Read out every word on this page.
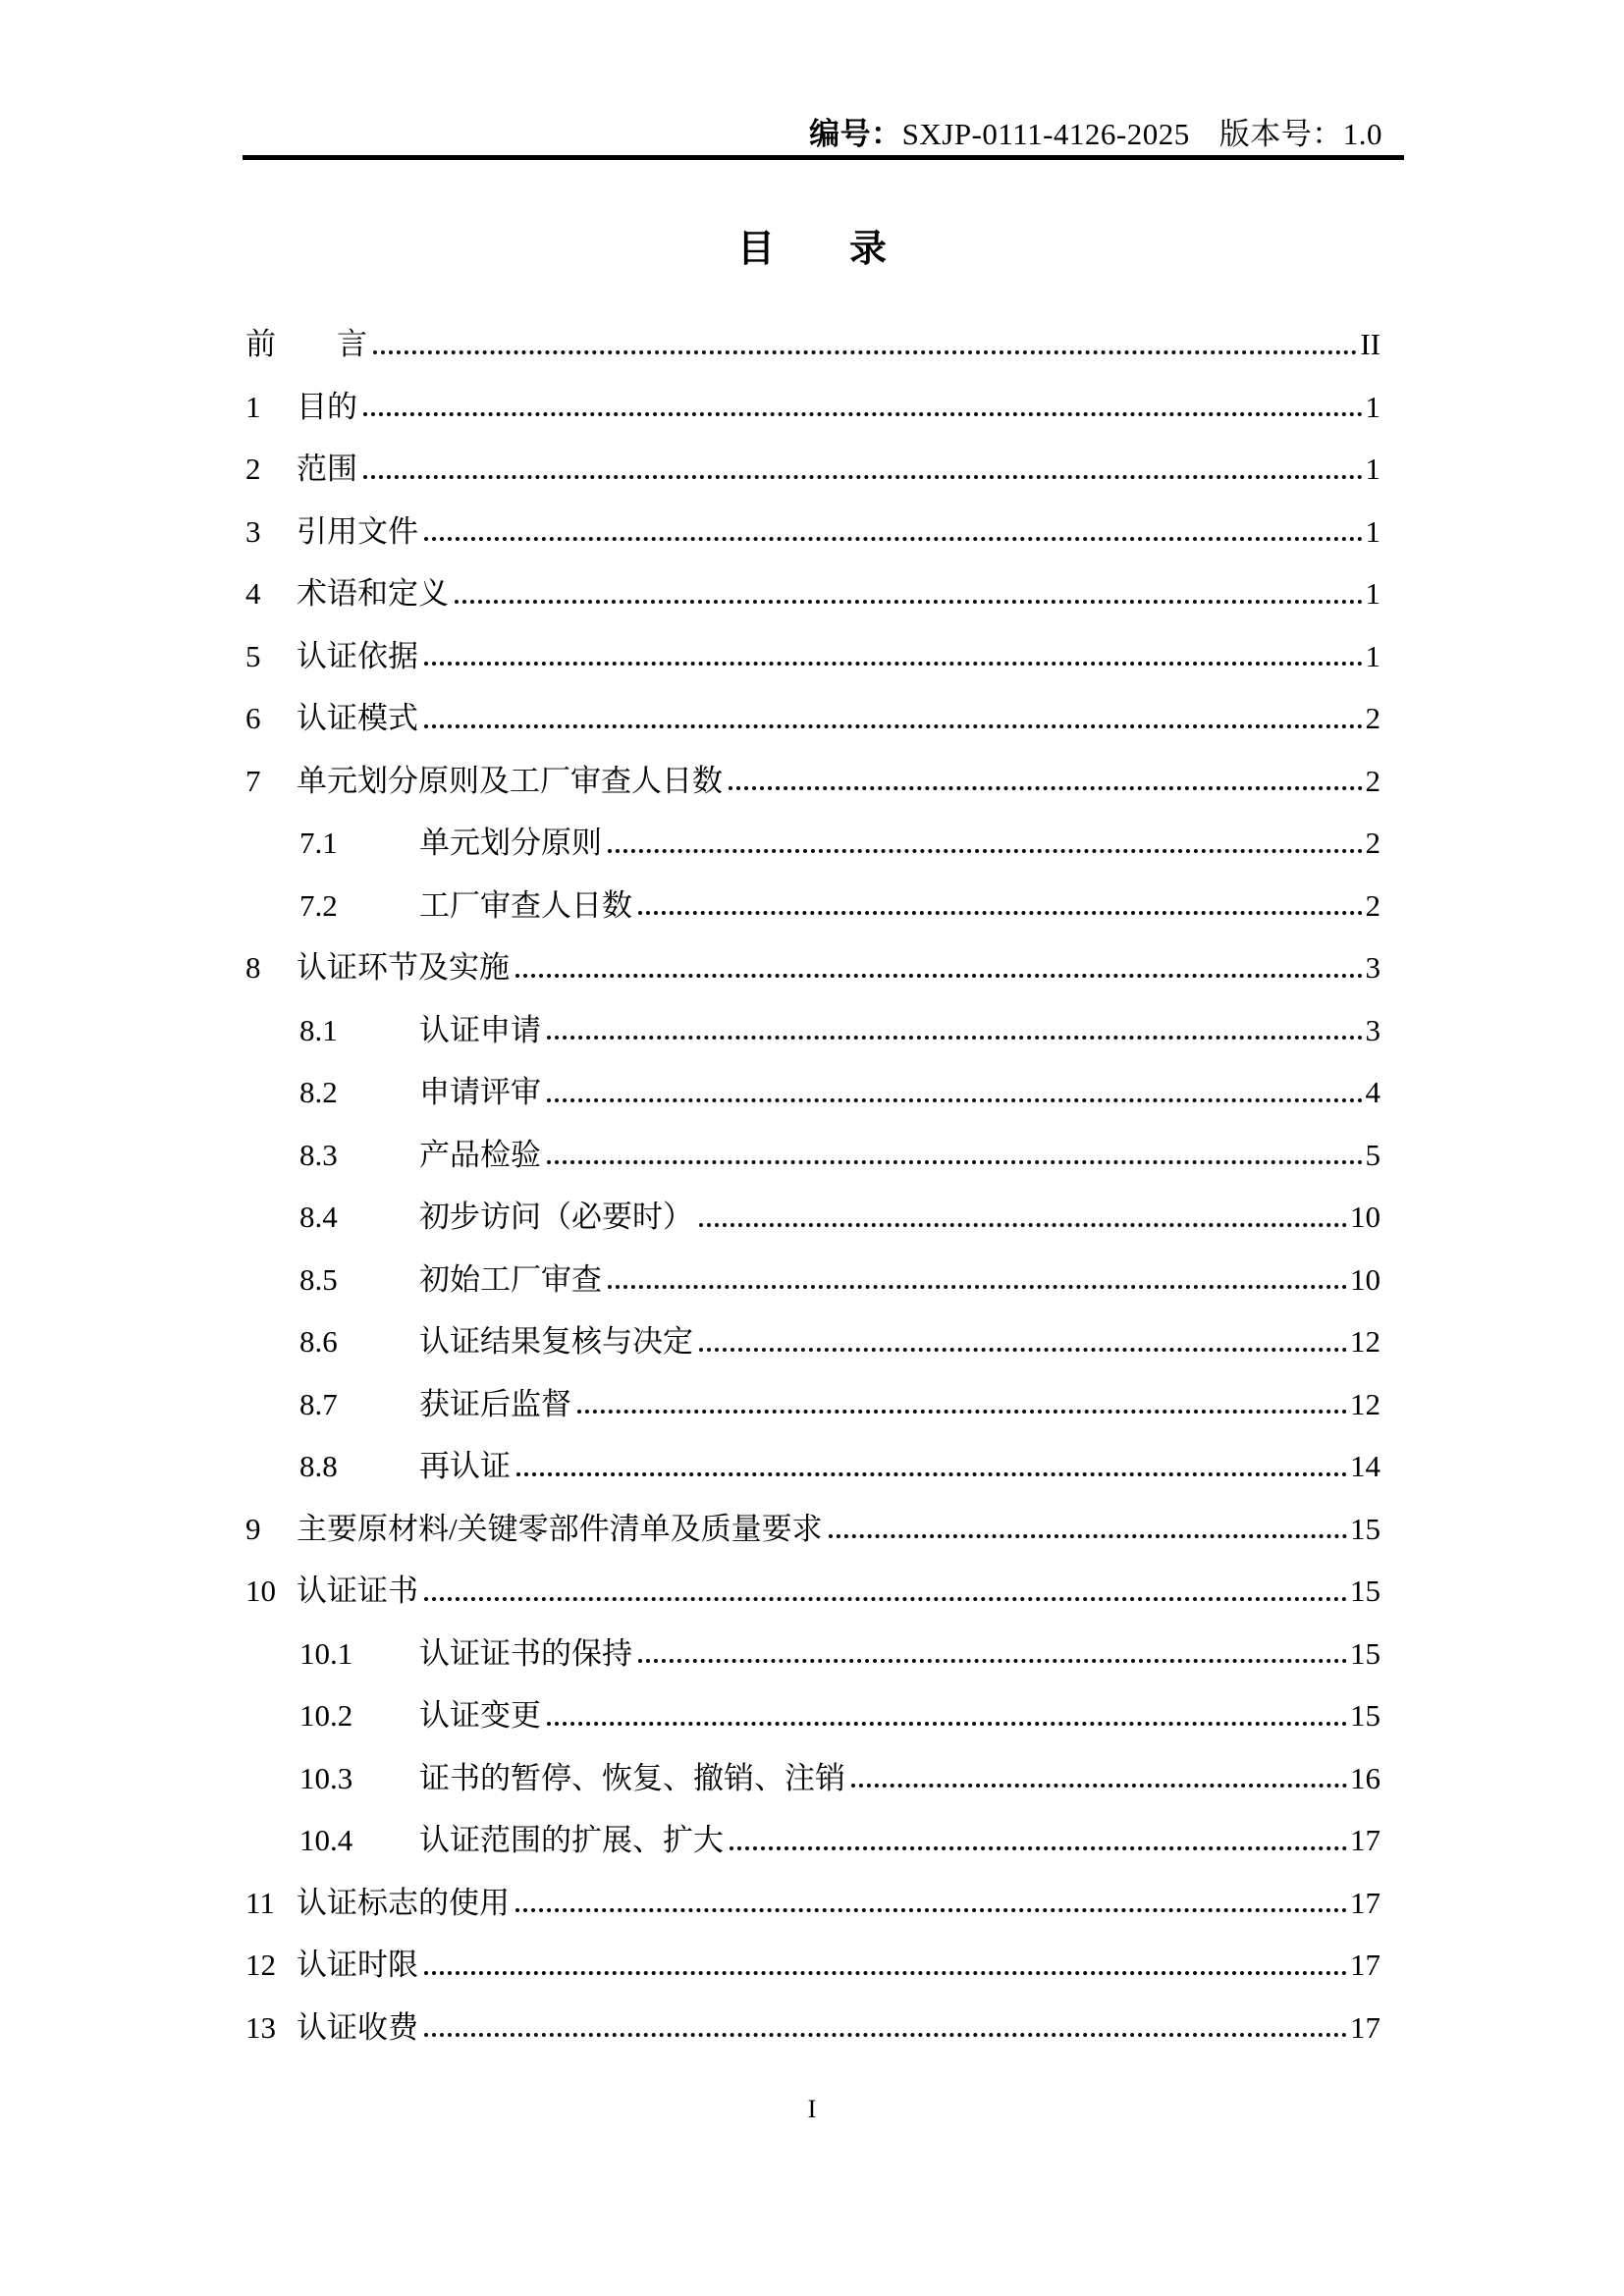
编号：SXJP-0111-4126-2025 版本号：1.0
目　　录
前　　言	II
1	目的	1
2	范围	1
3	引用文件	1
4	术语和定义	1
5	认证依据	1
6	认证模式	2
7	单元划分原则及工厂审查人日数	2
7.1	单元划分原则	2
7.2	工厂审查人日数	2
8	认证环节及实施	3
8.1	认证申请	3
8.2	申请评审	4
8.3	产品检验	5
8.4	初步访问（必要时）	10
8.5	初始工厂审查	10
8.6	认证结果复核与决定	12
8.7	获证后监督	12
8.8	再认证	14
9	主要原材料/关键零部件清单及质量要求	15
10 认证证书	15
10.1	认证证书的保持	15
10.2	认证变更	15
10.3	证书的暂停、恢复、撤销、注销	16
10.4	认证范围的扩展、扩大	17
11 认证标志的使用	17
12 认证时限	17
13 认证收费	17
I
